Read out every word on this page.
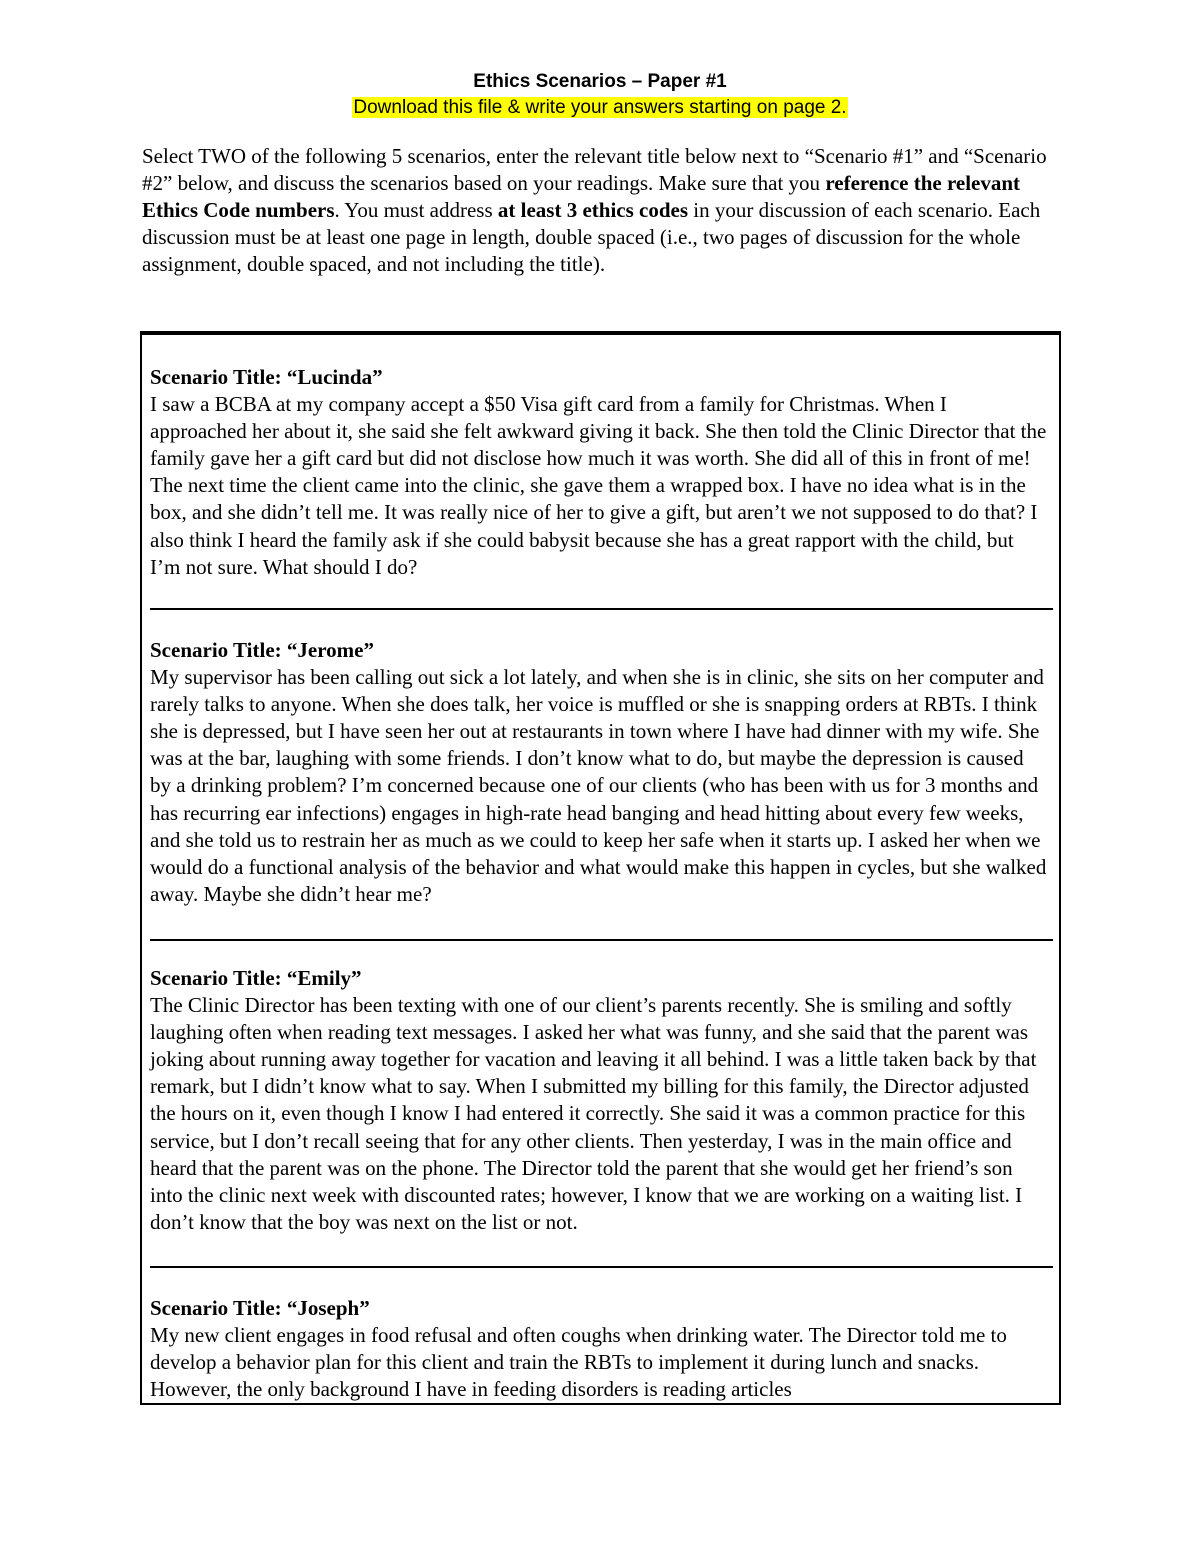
Ethics Scenarios – Paper #1
Download this file & write your answers starting on page 2.

Select TWO of the following 5 scenarios, enter the relevant title below next to “Scenario #1” and “Scenario #2” below, and discuss the scenarios based on your readings. Make sure that you reference the relevant Ethics Code numbers. You must address at least 3 ethics codes in your discussion of each scenario. Each discussion must be at least one page in length, double spaced (i.e., two pages of discussion for the whole assignment, double spaced, and not including the title).

Scenario Title: “Lucinda”
I saw a BCBA at my company accept a $50 Visa gift card from a family for Christmas. When I approached her about it, she said she felt awkward giving it back. She then told the Clinic Director that the family gave her a gift card but did not disclose how much it was worth. She did all of this in front of me! The next time the client came into the clinic, she gave them a wrapped box. I have no idea what is in the box, and she didn’t tell me. It was really nice of her to give a gift, but aren’t we not supposed to do that? I also think I heard the family ask if she could babysit because she has a great rapport with the child, but I’m not sure. What should I do?
Scenario Title: “Jerome”
My supervisor has been calling out sick a lot lately, and when she is in clinic, she sits on her computer and rarely talks to anyone. When she does talk, her voice is muffled or she is snapping orders at RBTs. I think she is depressed, but I have seen her out at restaurants in town where I have had dinner with my wife. She was at the bar, laughing with some friends. I don’t know what to do, but maybe the depression is caused by a drinking problem? I’m concerned because one of our clients (who has been with us for 3 months and has recurring ear infections) engages in high-rate head banging and head hitting about every few weeks, and she told us to restrain her as much as we could to keep her safe when it starts up. I asked her when we would do a functional analysis of the behavior and what would make this happen in cycles, but she walked away. Maybe she didn’t hear me?
Scenario Title: “Emily”
The Clinic Director has been texting with one of our client’s parents recently. She is smiling and softly laughing often when reading text messages. I asked her what was funny, and she said that the parent was joking about running away together for vacation and leaving it all behind. I was a little taken back by that remark, but I didn’t know what to say. When I submitted my billing for this family, the Director adjusted the hours on it, even though I know I had entered it correctly. She said it was a common practice for this service, but I don’t recall seeing that for any other clients. Then yesterday, I was in the main office and heard that the parent was on the phone. The Director told the parent that she would get her friend’s son into the clinic next week with discounted rates; however, I know that we are working on a waiting list. I don’t know that the boy was next on the list or not.
Scenario Title: “Joseph”
My new client engages in food refusal and often coughs when drinking water. The Director told me to develop a behavior plan for this client and train the RBTs to implement it during lunch and snacks. However, the only background I have in feeding disorders is reading articles
